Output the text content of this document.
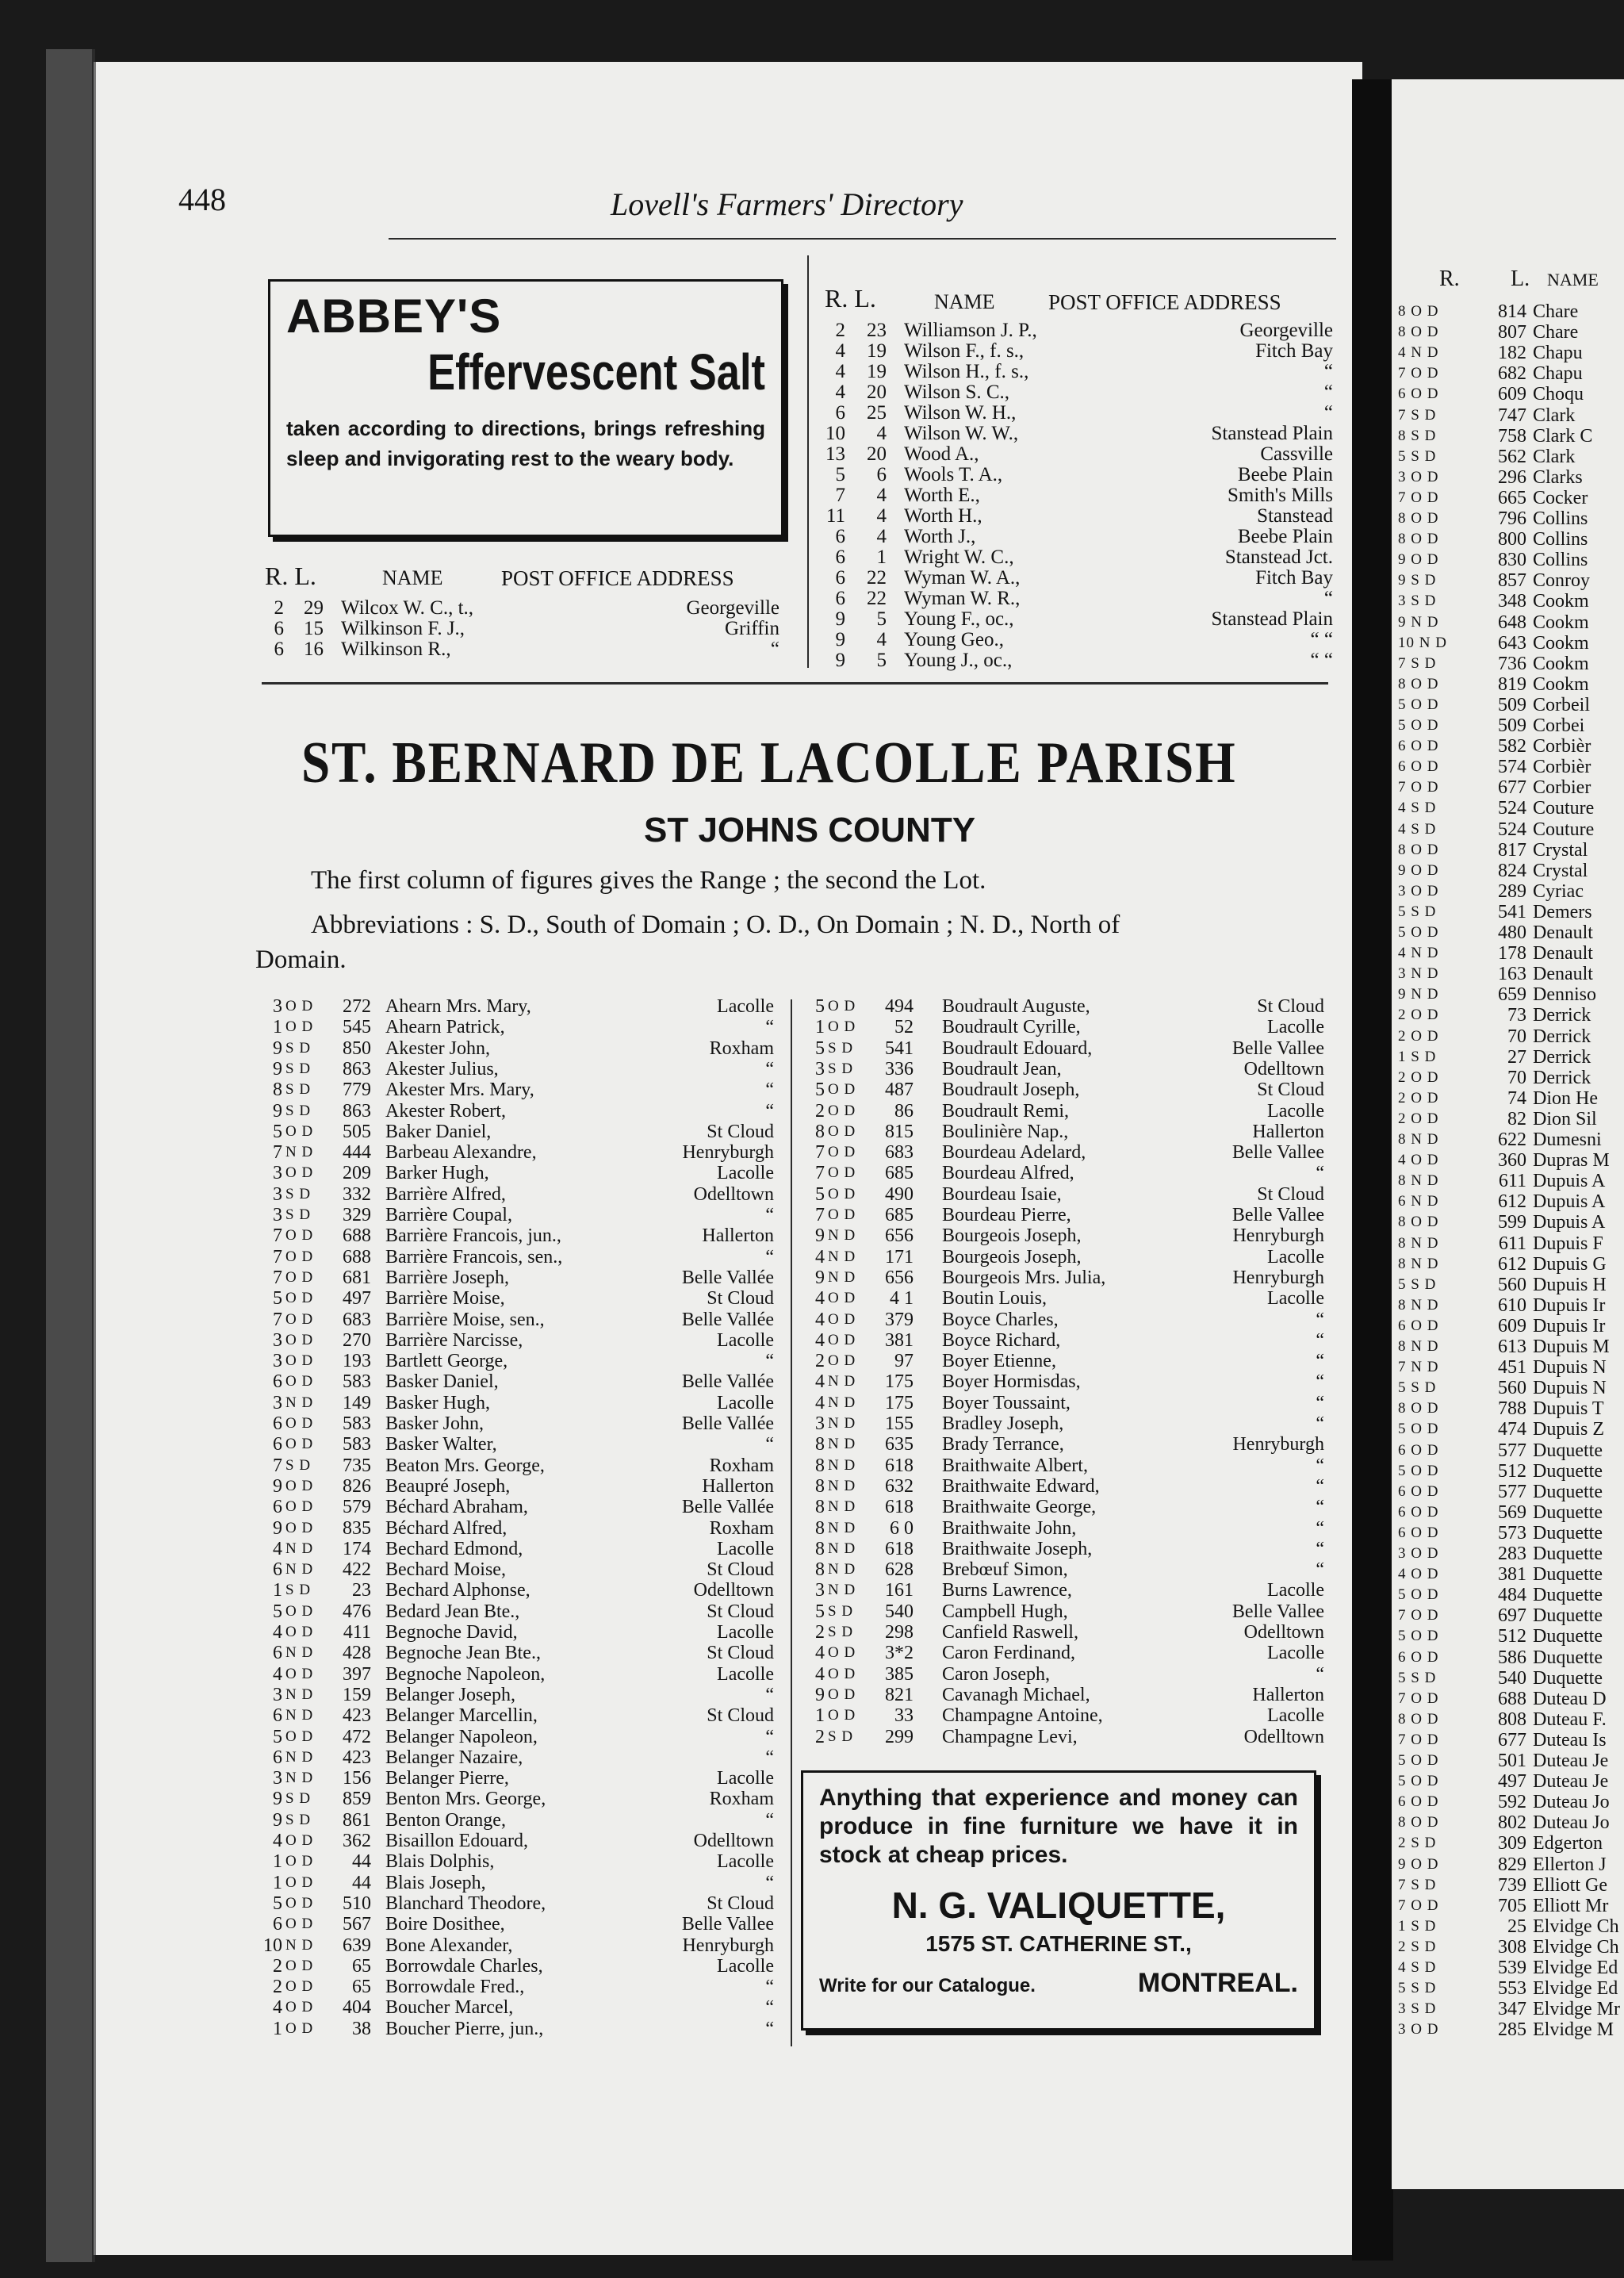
R. L. NAME
8 O D	814 Chare
8 O D	807 Chare
4 N D	182 Chapu
7 O D	682 Chapu
6 O D	609 Choqu
7 S D	747 Clark
8 S D	758 Clark C
5 S D	562 Clark
3 O D	296 Clarks
7 O D	665 Cocker
8 O D	796 Collins
8 O D	800 Collins
9 O D	830 Collins
9 S D	857 Conroy
3 S D	348 Cookm
9 N D	648 Cookm
10 N D	643 Cookm
7 S D	736 Cookm
8 O D	819 Cookm
5 O D	509 Corbeil
5 O D	509 Corbei
6 O D	582 Corbièr
6 O D	574 Corbièr
7 O D	677 Corbier
4 S D	524 Couture
4 S D	524 Couture
8 O D	817 Crystal
9 O D	824 Crystal
3 O D	289 Cyriac
5 S D	541 Demers
5 O D	480 Denault
4 N D	178 Denault
3 N D	163 Denault
9 N D	659 Denniso
2 O D	73 Derrick
2 O D	70 Derrick
1 S D	27 Derrick
2 O D	70 Derrick
2 O D	74 Dion He
2 O D	82 Dion Sil
8 N D	622 Dumesni
4 O D	360 Dupras M
8 N D	611 Dupuis A
6 N D	612 Dupuis A
8 O D	599 Dupuis A
8 N D	611 Dupuis F
8 N D	612 Dupuis G
5 S D	560 Dupuis H
8 N D	610 Dupuis Ir
6 O D	609 Dupuis Ir
8 N D	613 Dupuis M
7 N D	451 Dupuis N
5 S D	560 Dupuis N
8 O D	788 Dupuis T
5 O D	474 Dupuis Z
6 O D	577 Duquette
5 O D	512 Duquette
6 O D	577 Duquette
6 O D	569 Duquette
6 O D	573 Duquette
3 O D	283 Duquette
4 O D	381 Duquette
5 O D	484 Duquette
7 O D	697 Duquette
5 O D	512 Duquette
6 O D	586 Duquette
5 S D	540 Duquette
7 O D	688 Duteau D
8 O D	808 Duteau F.
7 O D	677 Duteau Is
5 O D	501 Duteau Je
5 O D	497 Duteau Je
6 O D	592 Duteau Jo
8 O D	802 Duteau Jo
2 S D	309 Edgerton
9 O D	829 Ellerton J
7 S D	739 Elliott Ge
7 O D	705 Elliott Mr
1 S D	25 Elvidge Ch
2 S D	308 Elvidge Ch
4 S D	539 Elvidge Ed
5 S D	553 Elvidge Ed
3 S D	347 Elvidge Mr
3 O D	285 Elvidge M
448	Lovell's Farmers' Directory
ABBEY'S
Effervescent Salt
taken according to directions, brings refreshing sleep and invigorating rest to the weary body.
R. L.	NAME	POST OFFICE ADDRESS
2 29 Wilcox W. C., t.,	Georgeville
6 15 Wilkinson F. J.,	Griffin
6 16 Wilkinson R.,	“
R. L.	NAME POST OFFICE ADDRESS
2 23 Williamson J. P.,	Georgeville
4 19 Wilson F., f. s.,	Fitch Bay
4 19 Wilson H., f. s.,	“
4 20 Wilson S. C.,	“
6 25 Wilson W. H.,	“
10	4 Wilson W. W.,	Stanstead Plain
13 20 Wood A.,	Cassville
5	6 Wools T. A.,	Beebe Plain
7	4 Worth E.,	Smith's Mills
11	4 Worth H.,	Stanstead
6	4 Worth J.,	Beebe Plain
6	1 Wright W. C.,	Stanstead Jct.
6 22 Wyman W. A.,	Fitch Bay
6 22 Wyman W. R.,	“
9	5 Young F., oc.,	Stanstead Plain
9	4 Young Geo.,	“ “
9	5 Young J., oc.,	“ “
ST. BERNARD DE LACOLLE PARISH
ST JOHNS COUNTY
The first column of figures gives the Range ; the second the Lot.
Abbreviations : S. D., South of Domain ; O. D., On Domain ; N. D., North of
Domain.
3 O D	272 Ahearn Mrs. Mary,	Lacolle
1 O D	545 Ahearn Patrick,	“
9 S D	850 Akester John,	Roxham
9 S D	863 Akester Julius,	“
8 S D	779 Akester Mrs. Mary,	“
9 S D	863 Akester Robert,	“
5 O D	505 Baker Daniel,	St Cloud
7 N D	444 Barbeau Alexandre,	Henryburgh
3 O D	209 Barker Hugh,	Lacolle
3 S D	332 Barrière Alfred,	Odelltown
3 S D	329 Barrière Coupal,	“
7 O D	688 Barrière Francois, jun.,	Hallerton
7 O D	688 Barrière Francois, sen.,	“
7 O D	681 Barrière Joseph,	Belle Vallée
5 O D	497 Barrière Moise,	St Cloud
7 O D	683 Barrière Moise, sen.,	Belle Vallée
3 O D	270 Barrière Narcisse,	Lacolle
3 O D	193 Bartlett George,	“
6 O D	583 Basker Daniel,	Belle Vallée
3 N D	149 Basker Hugh,	Lacolle
6 O D	583 Basker John,	Belle Vallée
6 O D	583 Basker Walter,	“
7 S D	735 Beaton Mrs. George,	Roxham
9 O D	826 Beaupré Joseph,	Hallerton
6 O D	579 Béchard Abraham,	Belle Vallée
9 O D	835 Béchard Alfred,	Roxham
4 N D	174 Bechard Edmond,	Lacolle
6 N D	422 Bechard Moise,	St Cloud
1 S D	23 Bechard Alphonse,	Odelltown
5 O D	476 Bedard Jean Bte.,	St Cloud
4 O D	411 Begnoche David,	Lacolle
6 N D	428 Begnoche Jean Bte.,	St Cloud
4 O D	397 Begnoche Napoleon,	Lacolle
3 N D	159 Belanger Joseph,	“
6 N D	423 Belanger Marcellin,	St Cloud
5 O D	472 Belanger Napoleon,	“
6 N D	423 Belanger Nazaire,	“
3 N D	156 Belanger Pierre,	Lacolle
9 S D	859 Benton Mrs. George,	Roxham
9 S D	861 Benton Orange,	“
4 O D	362 Bisaillon Edouard,	Odelltown
1 O D	44 Blais Dolphis,	Lacolle
1 O D	44 Blais Joseph,	“
5 O D	510 Blanchard Theodore,	St Cloud
6 O D	567 Boire Dosithee,	Belle Vallee
10 N D	639 Bone Alexander,	Henryburgh
2 O D	65 Borrowdale Charles,	Lacolle
2 O D	65 Borrowdale Fred.,	“
4 O D	404 Boucher Marcel,	“
1 O D	38 Boucher Pierre, jun.,	“
5 O D	494 Boudrault Auguste,	St Cloud
1 O D	52 Boudrault Cyrille,	Lacolle
5 S D	541 Boudrault Edouard,	Belle Vallee
3 S D	336 Boudrault Jean,	Odelltown
5 O D	487 Boudrault Joseph,	St Cloud
2 O D	86 Boudrault Remi,	Lacolle
8 O D	815 Boulinière Nap.,	Hallerton
7 O D	683 Bourdeau Adelard,	Belle Vallee
7 O D	685 Bourdeau Alfred,	“
5 O D	490 Bourdeau Isaie,	St Cloud
7 O D	685 Bourdeau Pierre,	Belle Vallee
9 N D	656 Bourgeois Joseph,	Henryburgh
4 N D	171 Bourgeois Joseph,	Lacolle
9 N D	656 Bourgeois Mrs. Julia,	Henryburgh
4 O D	4 1 Boutin Louis,	Lacolle
4 O D	379 Boyce Charles,	“
4 O D	381 Boyce Richard,	“
2 O D	97 Boyer Etienne,	“
4 N D	175 Boyer Hormisdas,	“
4 N D	175 Boyer Toussaint,	“
3 N D	155 Bradley Joseph,	“
8 N D	635 Brady Terrance,	Henryburgh
8 N D	618 Braithwaite Albert,	“
8 N D	632 Braithwaite Edward,	“
8 N D	618 Braithwaite George,	“
8 N D	6 0 Braithwaite John,	“
8 N D	618 Braithwaite Joseph,	“
8 N D	628 Brebœuf Simon,	“
3 N D	161 Burns Lawrence,	Lacolle
5 S D	540 Campbell Hugh,	Belle Vallee
2 S D	298 Canfield Raswell,	Odelltown
4 O D	3*2 Caron Ferdinand,	Lacolle
4 O D	385 Caron Joseph,	“
9 O D	821 Cavanagh Michael,	Hallerton
1 O D	33 Champagne Antoine,	Lacolle
2 S D	299 Champagne Levi,	Odelltown
Anything that experience and money can produce in fine furniture we have it in stock at cheap prices.
N. G. VALIQUETTE,
1575 ST. CATHERINE ST.,
Write for our Catalogue.	MONTREAL.
